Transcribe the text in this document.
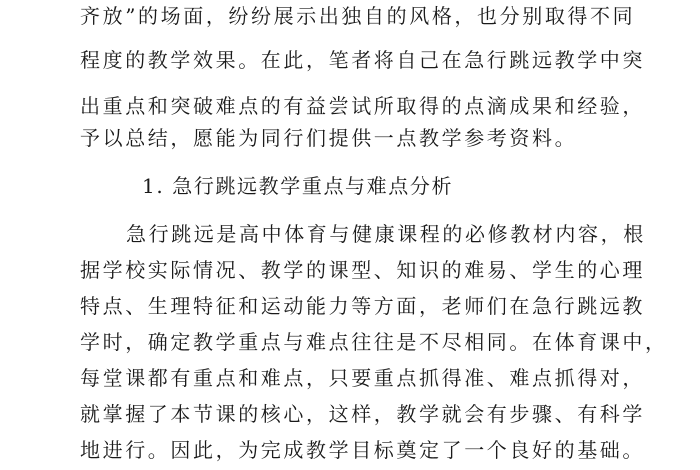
齐放”的场面，纷纷展示出独自的风格，也分别取得不同
程度的教学效果。在此，笔者将自己在急行跳远教学中突
出重点和突破难点的有益尝试所取得的点滴成果和经验，
予以总结，愿能为同行们提供一点教学参考资料。
1. 急行跳远教学重点与难点分析
急行跳远是高中体育与健康课程的必修教材内容，根
据学校实际情况、教学的课型、知识的难易、学生的心理
特点、生理特征和运动能力等方面，老师们在急行跳远教
学时，确定教学重点与难点往往是不尽相同。在体育课中，
每堂课都有重点和难点，只要重点抓得准、难点抓得对，
就掌握了本节课的核心，这样，教学就会有步骤、有科学
地进行。因此，为完成教学目标奠定了一个良好的基础。
